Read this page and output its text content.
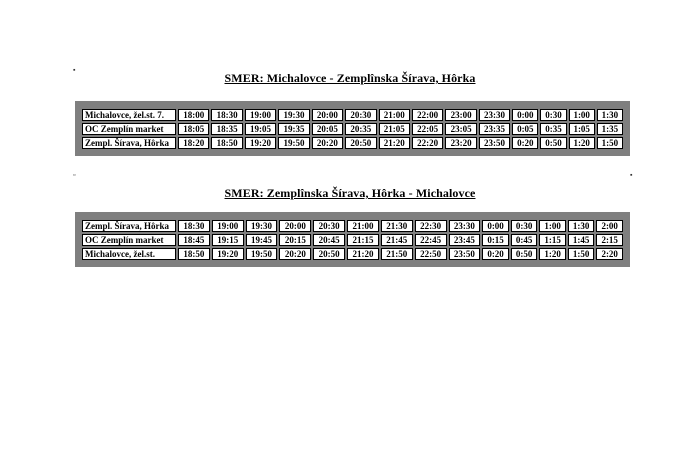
▪
▫	▪
SMER: Michalovce - Zemplînska Šírava, Hôrka
Michalovce, žel.st. 7.	18:00	18:30	19:00	19:30	20:00	20:30	21:00	22:00	23:00	23:30	0:00	0:30	1:00	1:30
OC Zemplín market	18:05	18:35	19:05	19:35	20:05	20:35	21:05	22:05	23:05	23:35	0:05	0:35	1:05	1:35
Zempl. Šírava, Hôrka	18:20	18:50	19:20	19:50	20:20	20:50	21:20	22:20	23:20	23:50	0:20	0:50	1:20	1:50
SMER: Zemplînska Šírava, Hôrka - Michalovce
Zempl. Šírava, Hôrka	18:30	19:00	19:30	20:00	20:30	21:00	21:30	22:30	23:30	0:00	0:30	1:00	1:30	2:00
OC Zemplín market	18:45	19:15	19:45	20:15	20:45	21:15	21:45	22:45	23:45	0:15	0:45	1:15	1:45	2:15
Michalovce, žel.st.	18:50	19:20	19:50	20:20	20:50	21:20	21:50	22:50	23:50	0:20	0:50	1:20	1:50	2:20
